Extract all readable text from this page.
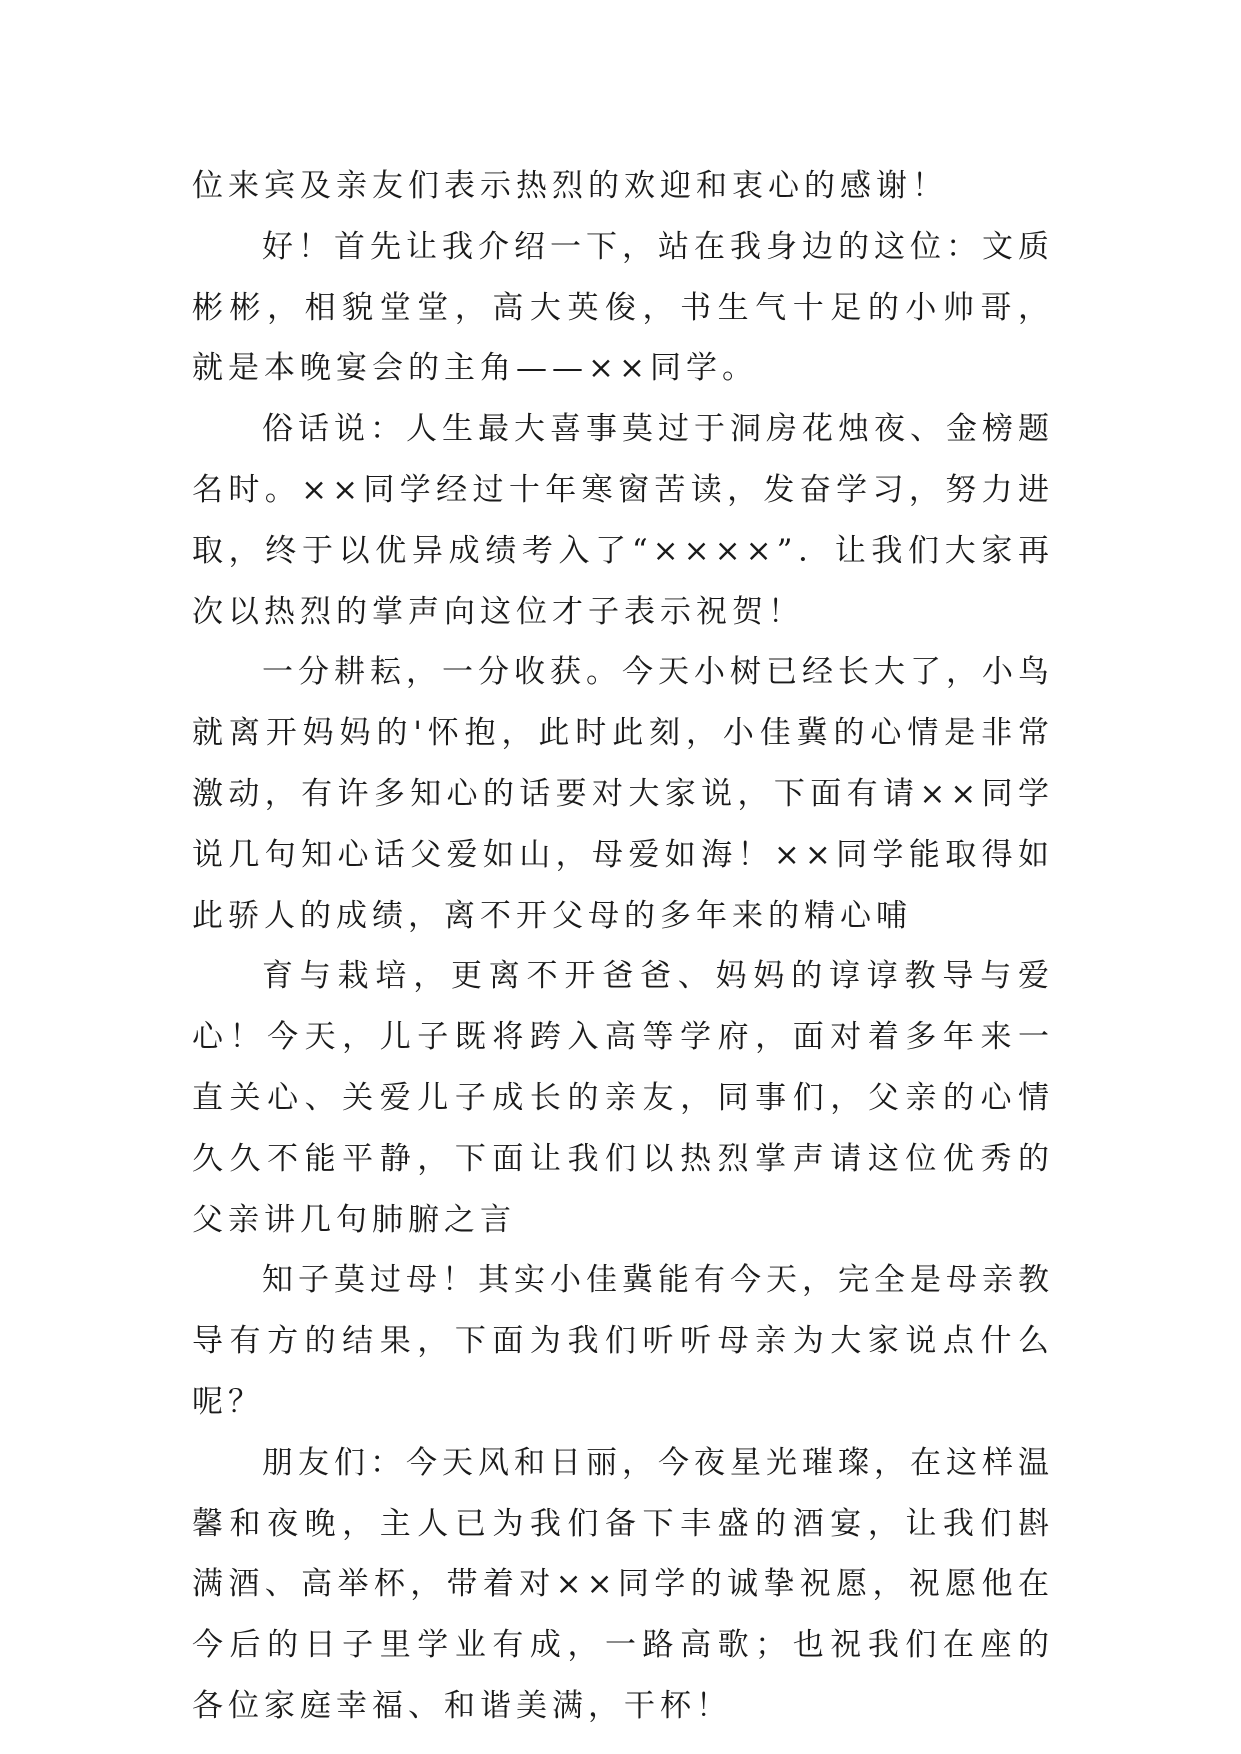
位来宾及亲友们表示热烈的欢迎和衷心的感谢！

好！首先让我介绍一下，站在我身边的这位：文质彬彬，相貌堂堂，高大英俊，书生气十足的小帅哥，就是本晚宴会的主角——××同学。

俗话说：人生最大喜事莫过于洞房花烛夜、金榜题名时。××同学经过十年寒窗苦读，发奋学习，努力进取，终于以优异成绩考入了“××××”．让我们大家再次以热烈的掌声向这位才子表示祝贺！

一分耕耘，一分收获。今天小树已经长大了，小鸟就离开妈妈的'怀抱，此时此刻，小佳冀的心情是非常激动，有许多知心的话要对大家说，下面有请××同学说几句知心话父爱如山，母爱如海！××同学能取得如此骄人的成绩，离不开父母的多年来的精心哺

育与栽培，更离不开爸爸、妈妈的谆谆教导与爱心！今天，儿子既将跨入高等学府，面对着多年来一直关心、关爱儿子成长的亲友，同事们，父亲的心情久久不能平静，下面让我们以热烈掌声请这位优秀的父亲讲几句肺腑之言

知子莫过母！其实小佳冀能有今天，完全是母亲教导有方的结果，下面为我们听听母亲为大家说点什么呢？

朋友们：今天风和日丽，今夜星光璀璨，在这样温馨和夜晚，主人已为我们备下丰盛的酒宴，让我们斟满酒、高举杯，带着对××同学的诚挚祝愿，祝愿他在今后的日子里学业有成，一路高歌；也祝我们在座的各位家庭幸福、和谐美满，干杯！
